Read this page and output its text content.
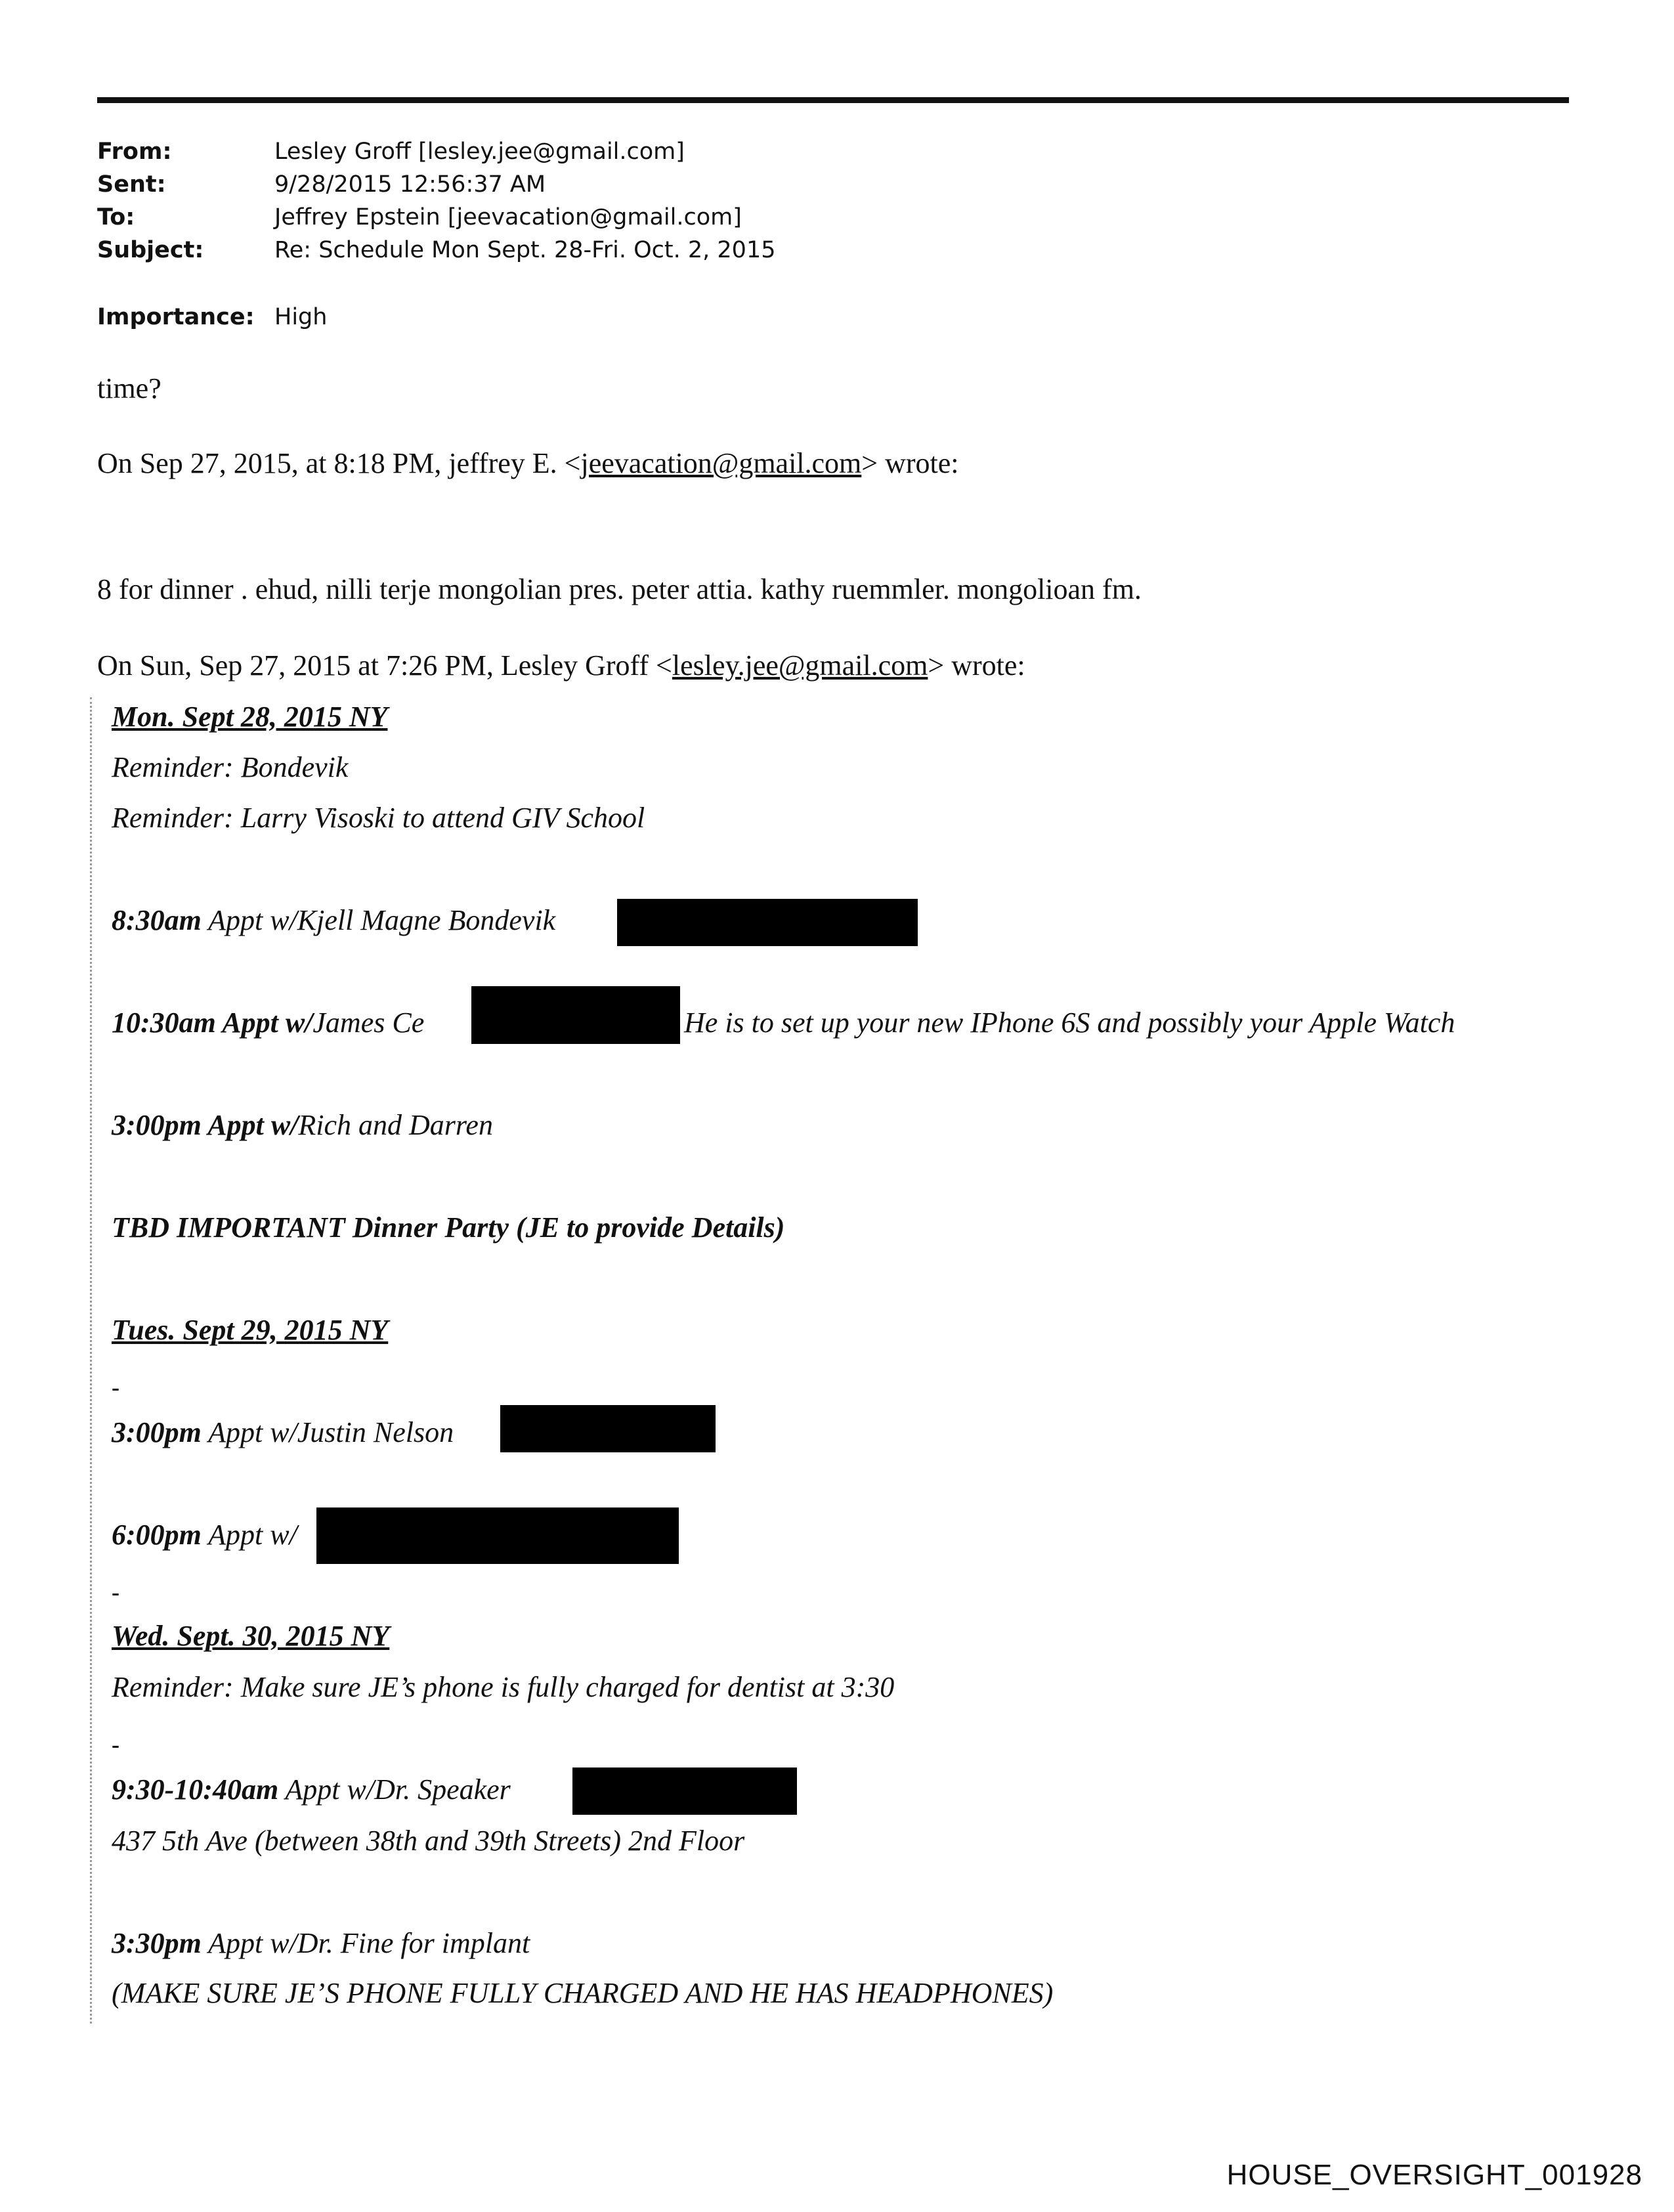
From:	Lesley Groff [lesley.jee@gmail.com]
Sent:	9/28/2015 12:56:37 AM
To:	Jeffrey Epstein [jeevacation@gmail.com]
Subject:	Re: Schedule Mon Sept. 28-Fri. Oct. 2, 2015
Importance: High
time?
On Sep 27, 2015, at 8:18 PM, jeffrey E. <jeevacation@gmail.com> wrote:
8 for dinner . ehud, nilli terje mongolian pres. peter attia. kathy ruemmler. mongolioan fm.
On Sun, Sep 27, 2015 at 7:26 PM, Lesley Groff <lesley.jee@gmail.com> wrote:
Mon. Sept 28, 2015 NY
Reminder: Bondevik
Reminder: Larry Visoski to attend GIV School
8:30am Appt w/Kjell Magne Bondevik
10:30am Appt w/James Ce	He is to set up your new IPhone 6S and possibly your Apple Watch
3:00pm Appt w/Rich and Darren
TBD IMPORTANT Dinner Party (JE to provide Details)
Tues. Sept 29, 2015 NY
-
3:00pm Appt w/Justin Nelson
6:00pm Appt w/
-
Wed. Sept. 30, 2015 NY
Reminder: Make sure JE’s phone is fully charged for dentist at 3:30
-
9:30-10:40am Appt w/Dr. Speaker
437 5th Ave (between 38th and 39th Streets) 2nd Floor
3:30pm Appt w/Dr. Fine for implant
(MAKE SURE JE’S PHONE FULLY CHARGED AND HE HAS HEADPHONES)
HOUSE_OVERSIGHT_001928
